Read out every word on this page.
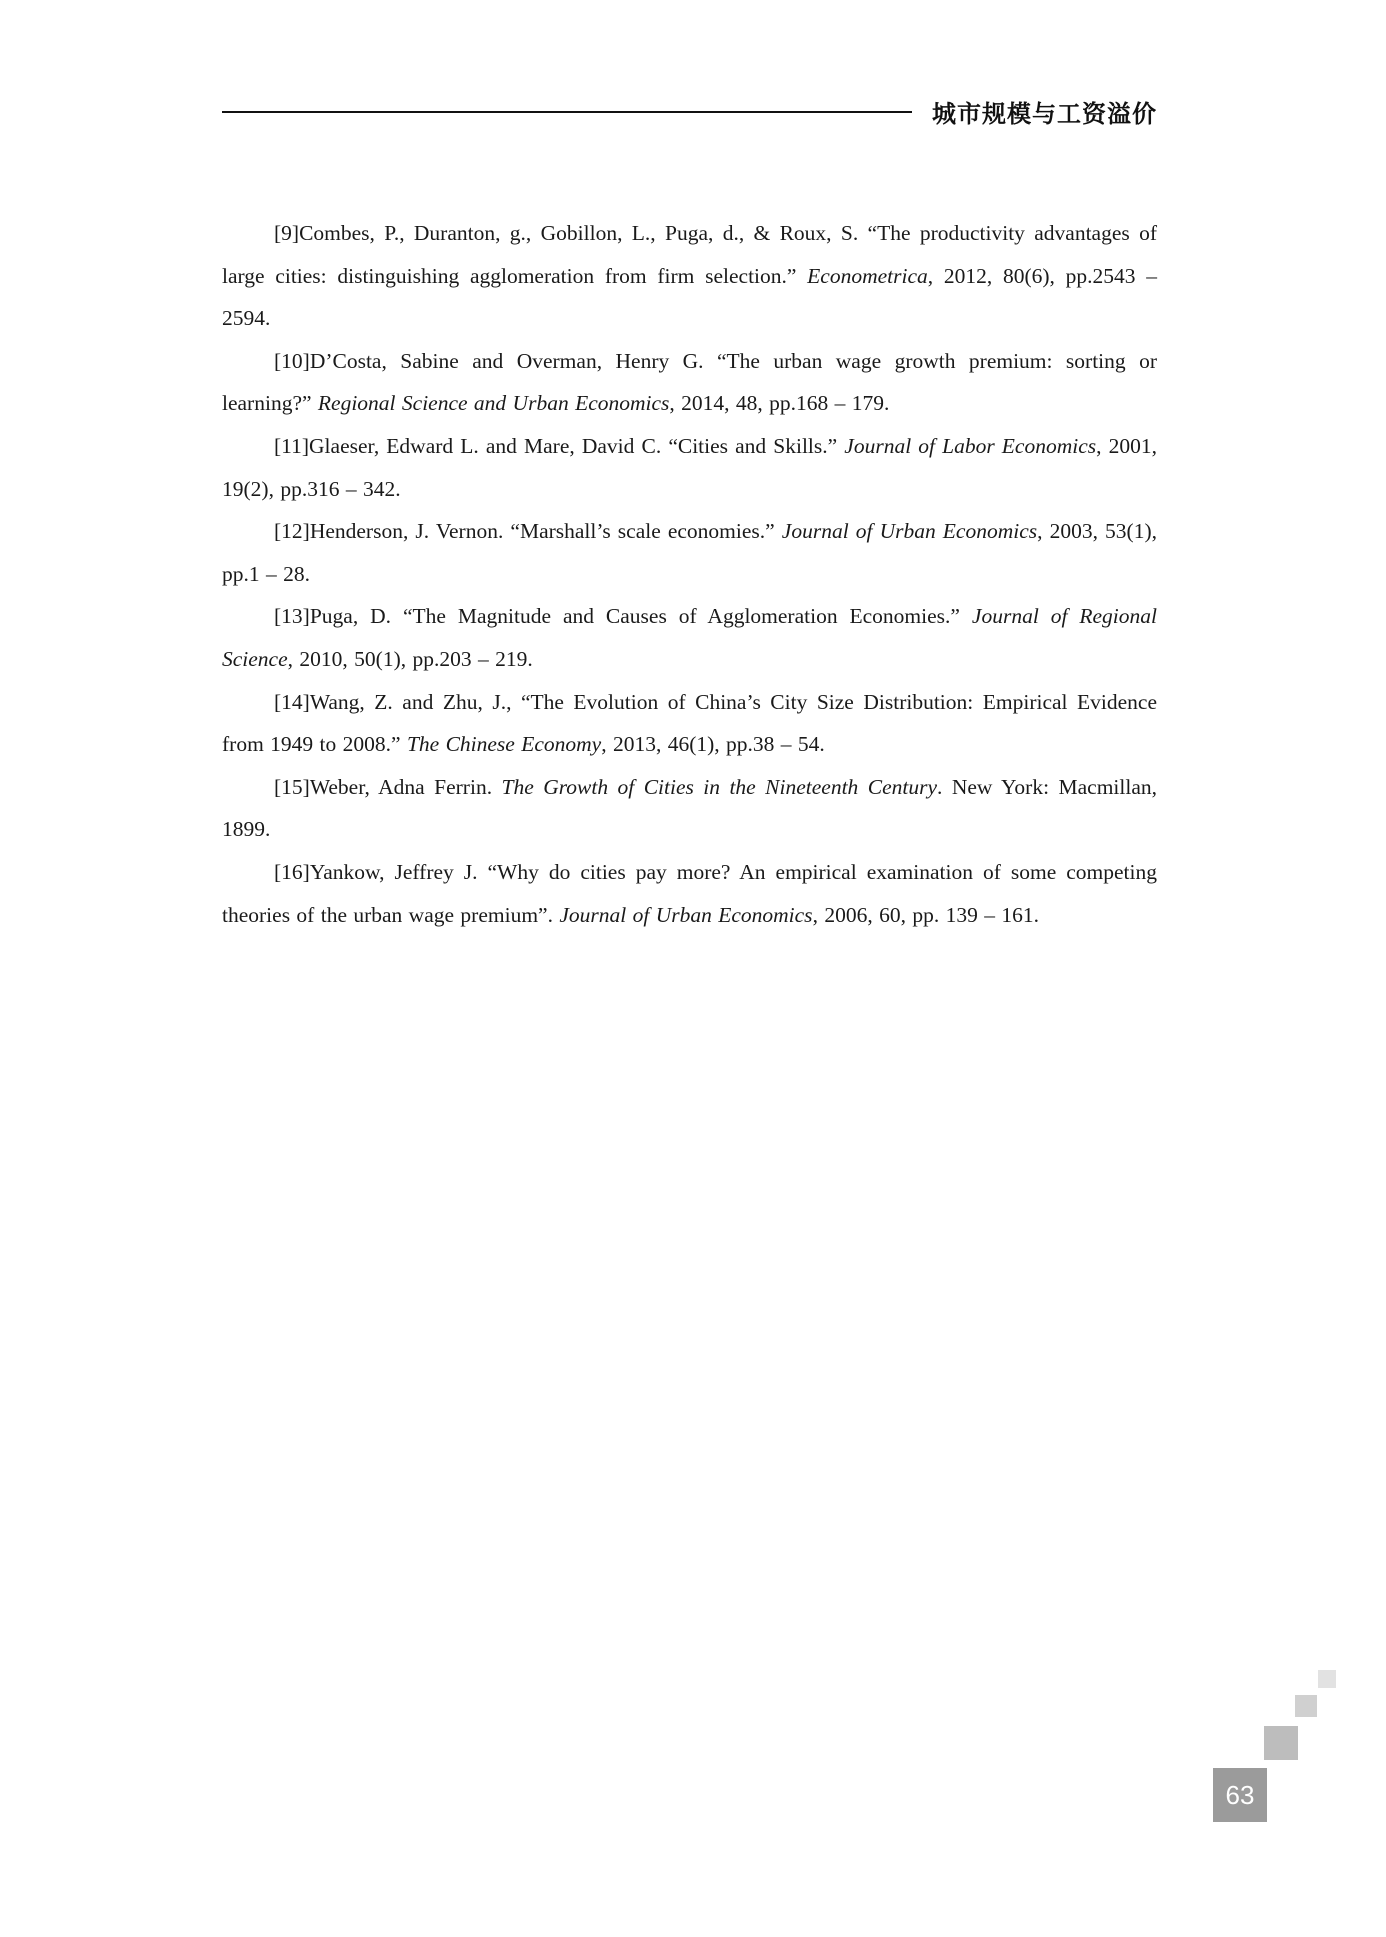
城市规模与工资溢价

[9]Combes, P., Duranton, g., Gobillon, L., Puga, d., & Roux, S. “The productivity advantages of large cities: distinguishing agglomeration from firm selection.” Econometrica, 2012, 80(6), pp.2543 – 2594.

[10]D’Costa, Sabine and Overman, Henry G. “The urban wage growth premium: sorting or learning?” Regional Science and Urban Economics, 2014, 48, pp.168 – 179.

[11]Glaeser, Edward L. and Mare, David C. “Cities and Skills.” Journal of Labor Economics, 2001, 19(2), pp.316 – 342.

[12]Henderson, J. Vernon. “Marshall’s scale economies.” Journal of Urban Economics, 2003, 53(1), pp.1 – 28.

[13]Puga, D. “The Magnitude and Causes of Agglomeration Economies.” Journal of Regional Science, 2010, 50(1), pp.203 – 219.

[14]Wang, Z. and Zhu, J., “The Evolution of China’s City Size Distribution: Empirical Evidence from 1949 to 2008.” The Chinese Economy, 2013, 46(1), pp.38 – 54.

[15]Weber, Adna Ferrin. The Growth of Cities in the Nineteenth Century. New York: Macmillan, 1899.

[16]Yankow, Jeffrey J. “Why do cities pay more? An empirical examination of some competing theories of the urban wage premium”. Journal of Urban Economics, 2006, 60, pp. 139 – 161.

63
